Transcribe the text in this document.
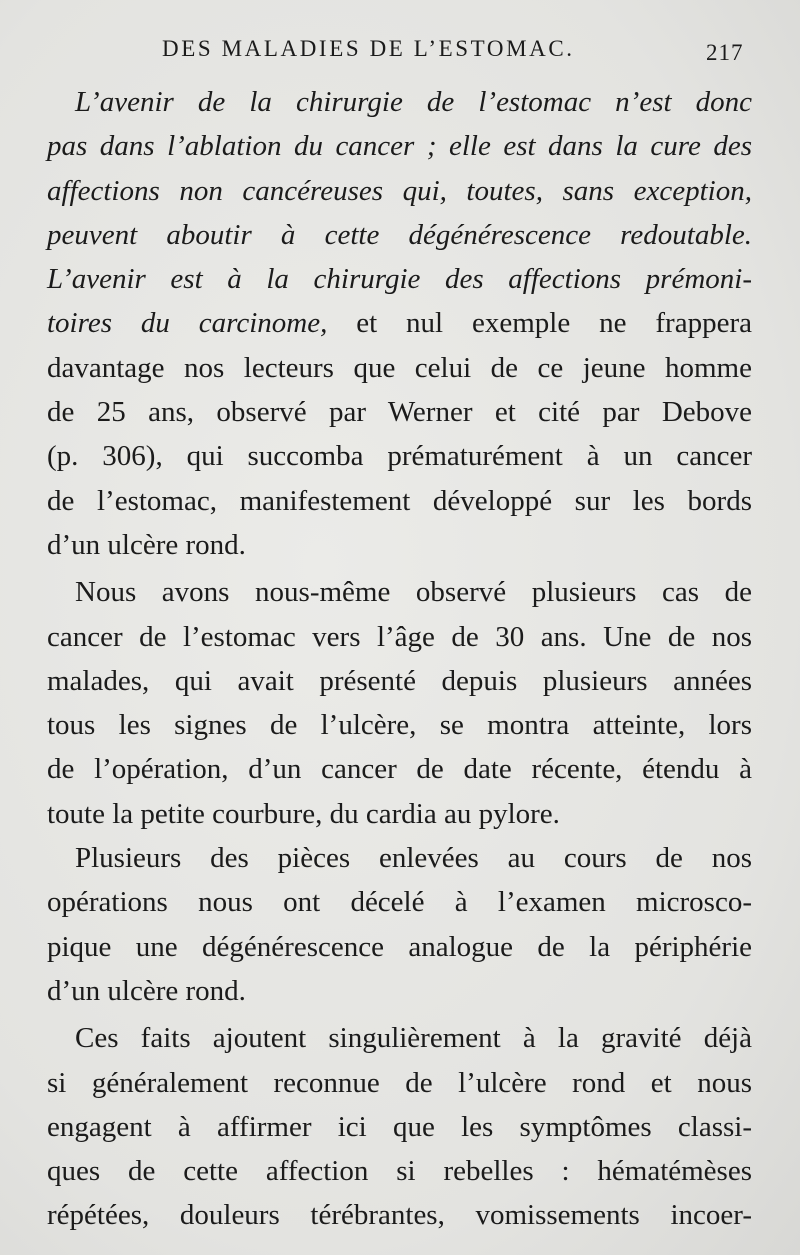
DES MALADIES DE L’ESTOMAC.	217
L’avenir de la chirurgie de l’estomac n’est donc
pas dans l’ablation du cancer ; elle est dans la cure des
affections non cancéreuses qui, toutes, sans exception,
peuvent aboutir à cette dégénérescence redoutable.
L’avenir est à la chirurgie des affections prémoni-
toires du carcinome, et nul exemple ne frappera
davantage nos lecteurs que celui de ce jeune homme
de 25 ans, observé par Werner et cité par Debove
(p. 306), qui succomba prématurément à un cancer
de l’estomac, manifestement développé sur les bords
d’un ulcère rond.
Nous avons nous-même observé plusieurs cas de
cancer de l’estomac vers l’âge de 30 ans. Une de nos
malades, qui avait présenté depuis plusieurs années
tous les signes de l’ulcère, se montra atteinte, lors
de l’opération, d’un cancer de date récente, étendu à
toute la petite courbure, du cardia au pylore.
Plusieurs des pièces enlevées au cours de nos
opérations nous ont décelé à l’examen microsco-
pique une dégénérescence analogue de la périphérie
d’un ulcère rond.
Ces faits ajoutent singulièrement à la gravité déjà
si généralement reconnue de l’ulcère rond et nous
engagent à affirmer ici que les symptômes classi-
ques de cette affection si rebelles : hématémèses
répétées, douleurs térébrantes, vomissements incoer-
